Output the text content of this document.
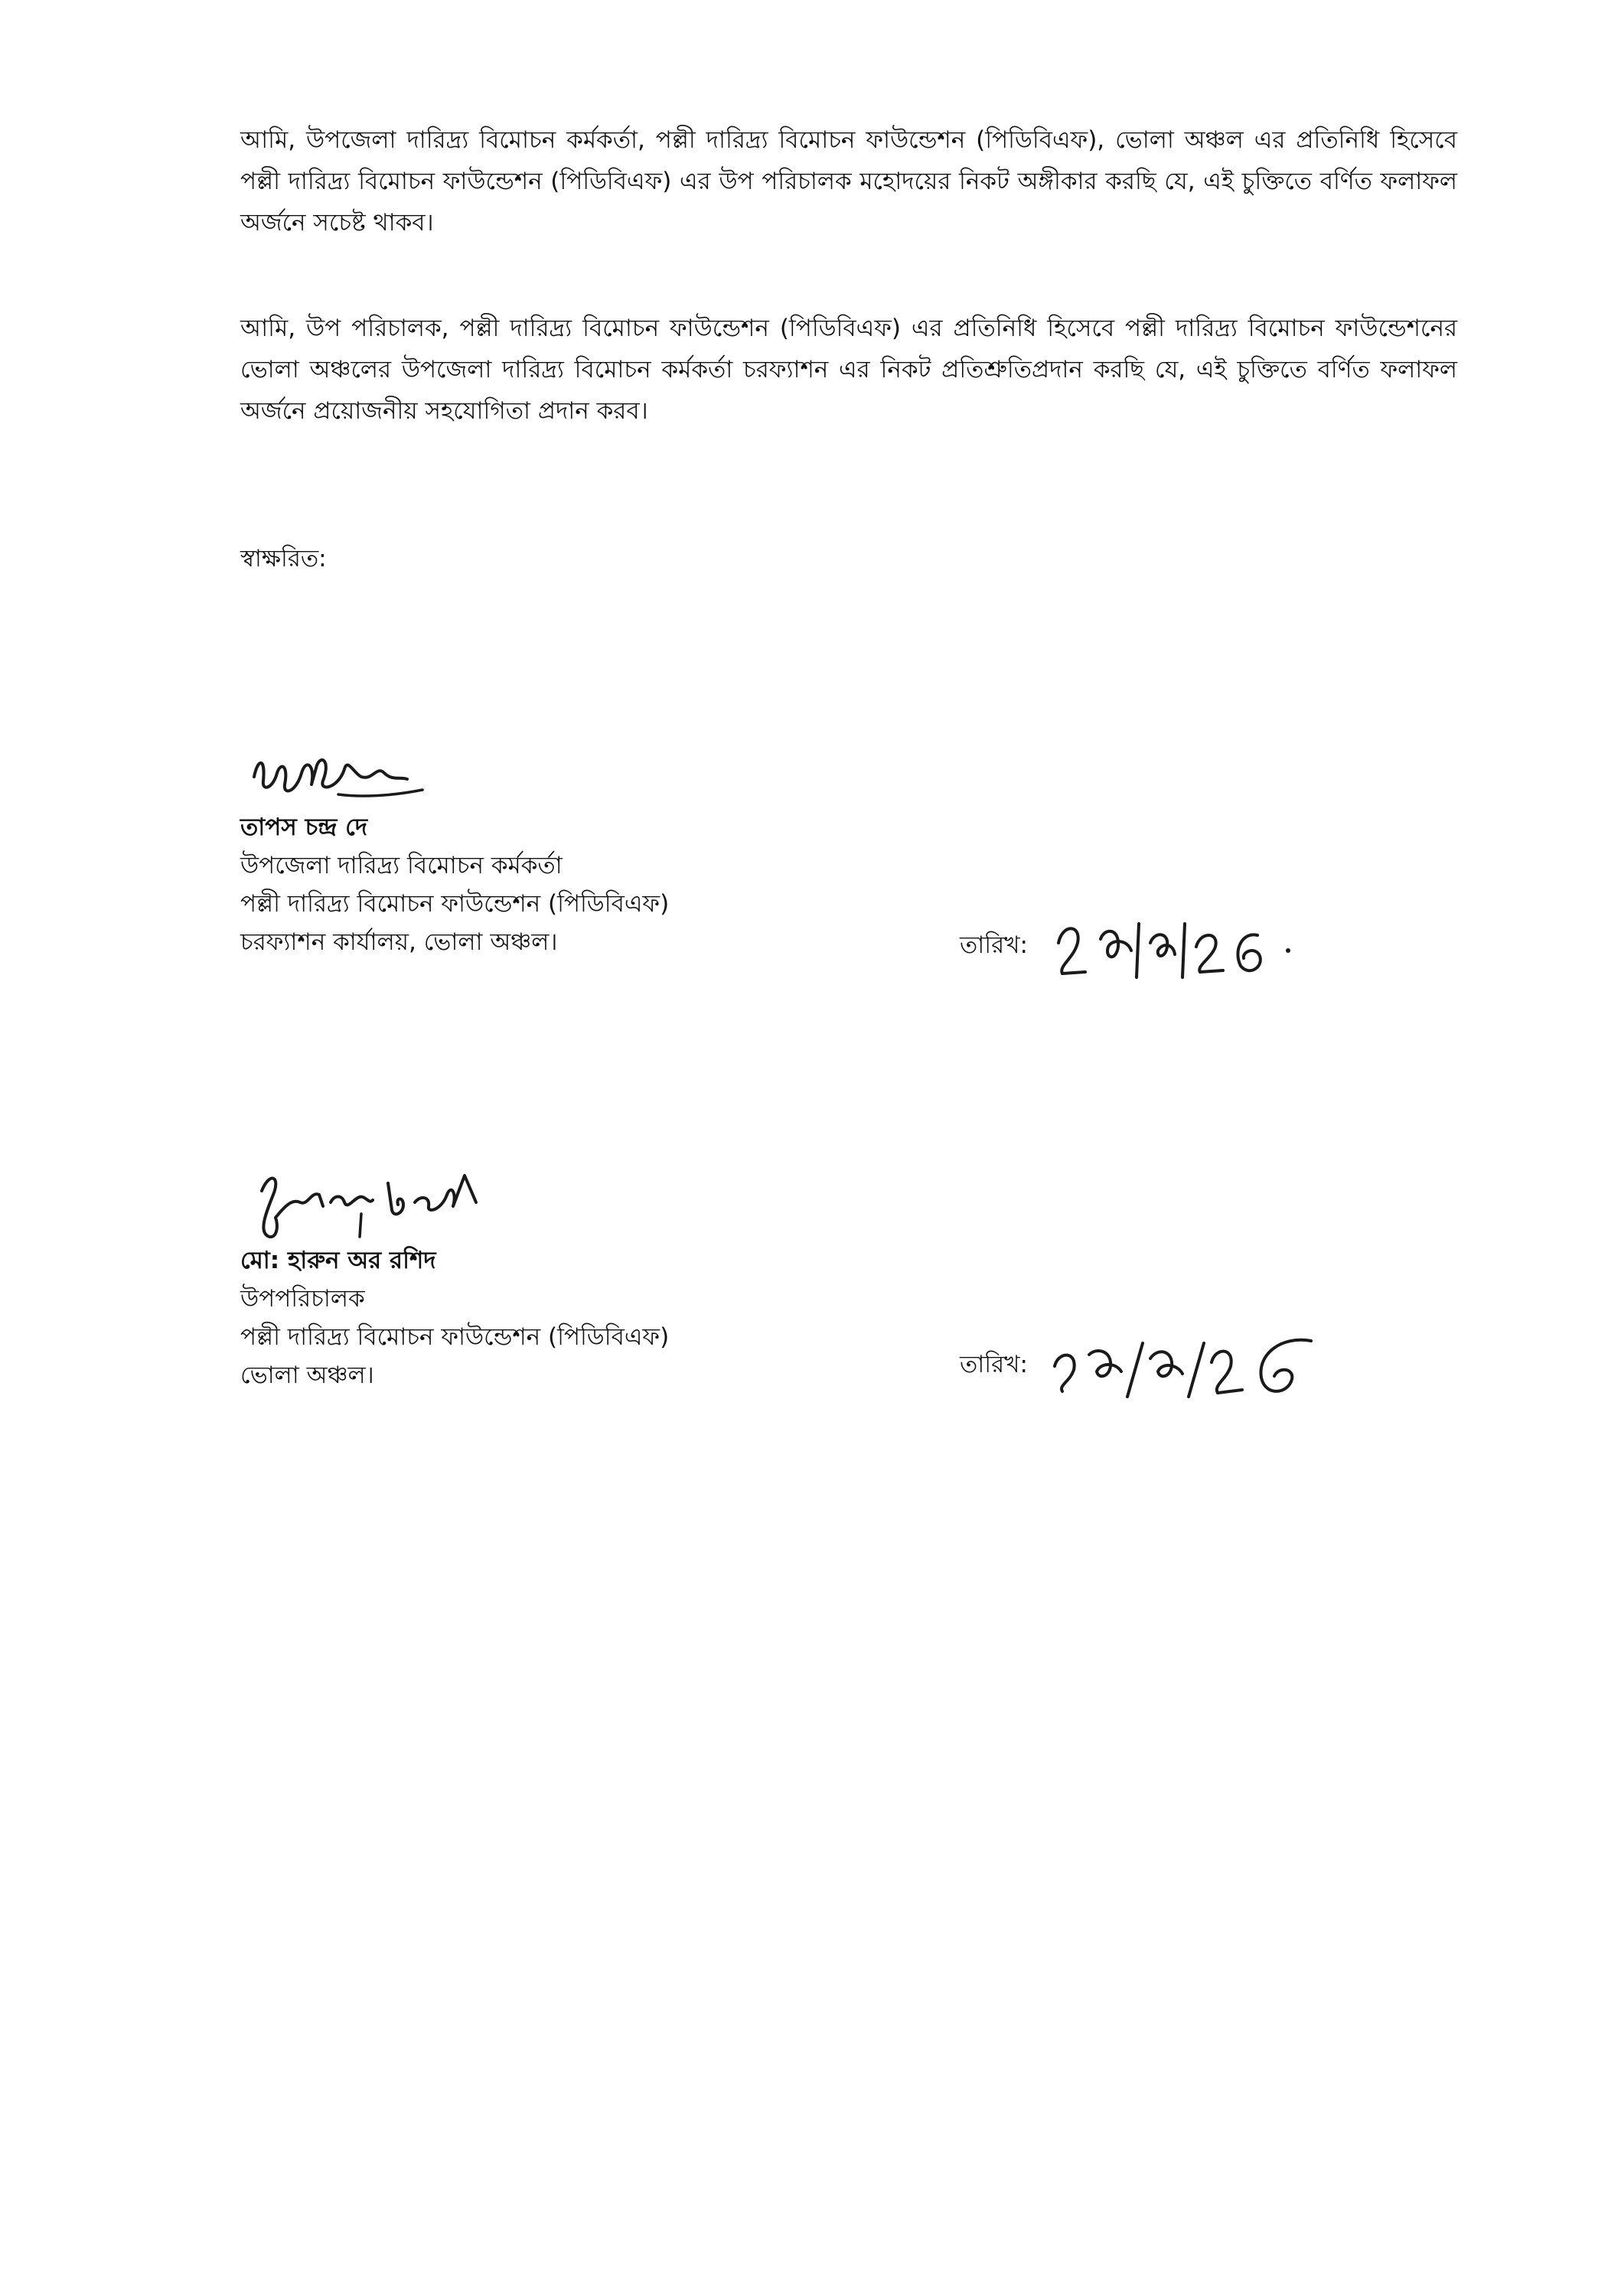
আমি, উপজেলা দারিদ্র্য বিমোচন কর্মকর্তা, পল্লী দারিদ্র্য বিমোচন ফাউন্ডেশন (পিডিবিএফ), ভোলা অঞ্চল এর প্রতিনিধি হিসেবে পল্লী দারিদ্র্য বিমোচন ফাউন্ডেশন (পিডিবিএফ) এর উপ পরিচালক মহোদয়ের নিকট অঙ্গীকার করছি যে, এই চুক্তিতে বর্ণিত ফলাফল অর্জনে সচেষ্ট থাকব।

আমি, উপ পরিচালক, পল্লী দারিদ্র্য বিমোচন ফাউন্ডেশন (পিডিবিএফ) এর প্রতিনিধি হিসেবে পল্লী দারিদ্র্য বিমোচন ফাউন্ডেশনের ভোলা অঞ্চলের উপজেলা দারিদ্র্য বিমোচন কর্মকর্তা চরফ্যাশন এর নিকট প্রতিশ্রুতিপ্রদান করছি যে, এই চুক্তিতে বর্ণিত ফলাফল অর্জনে প্রয়োজনীয় সহযোগিতা প্রদান করব।

স্বাক্ষরিত:
তাপস চন্দ্র দে
উপজেলা দারিদ্র্য বিমোচন কর্মকর্তা
পল্লী দারিদ্র্য বিমোচন ফাউন্ডেশন (পিডিবিএফ)
চরফ্যাশন কার্যালয়, ভোলা অঞ্চল।	তারিখ:
মো: হারুন অর রশিদ
উপপরিচালক
পল্লী দারিদ্র্য বিমোচন ফাউন্ডেশন (পিডিবিএফ)
ভোলা অঞ্চল।	তারিখ:
